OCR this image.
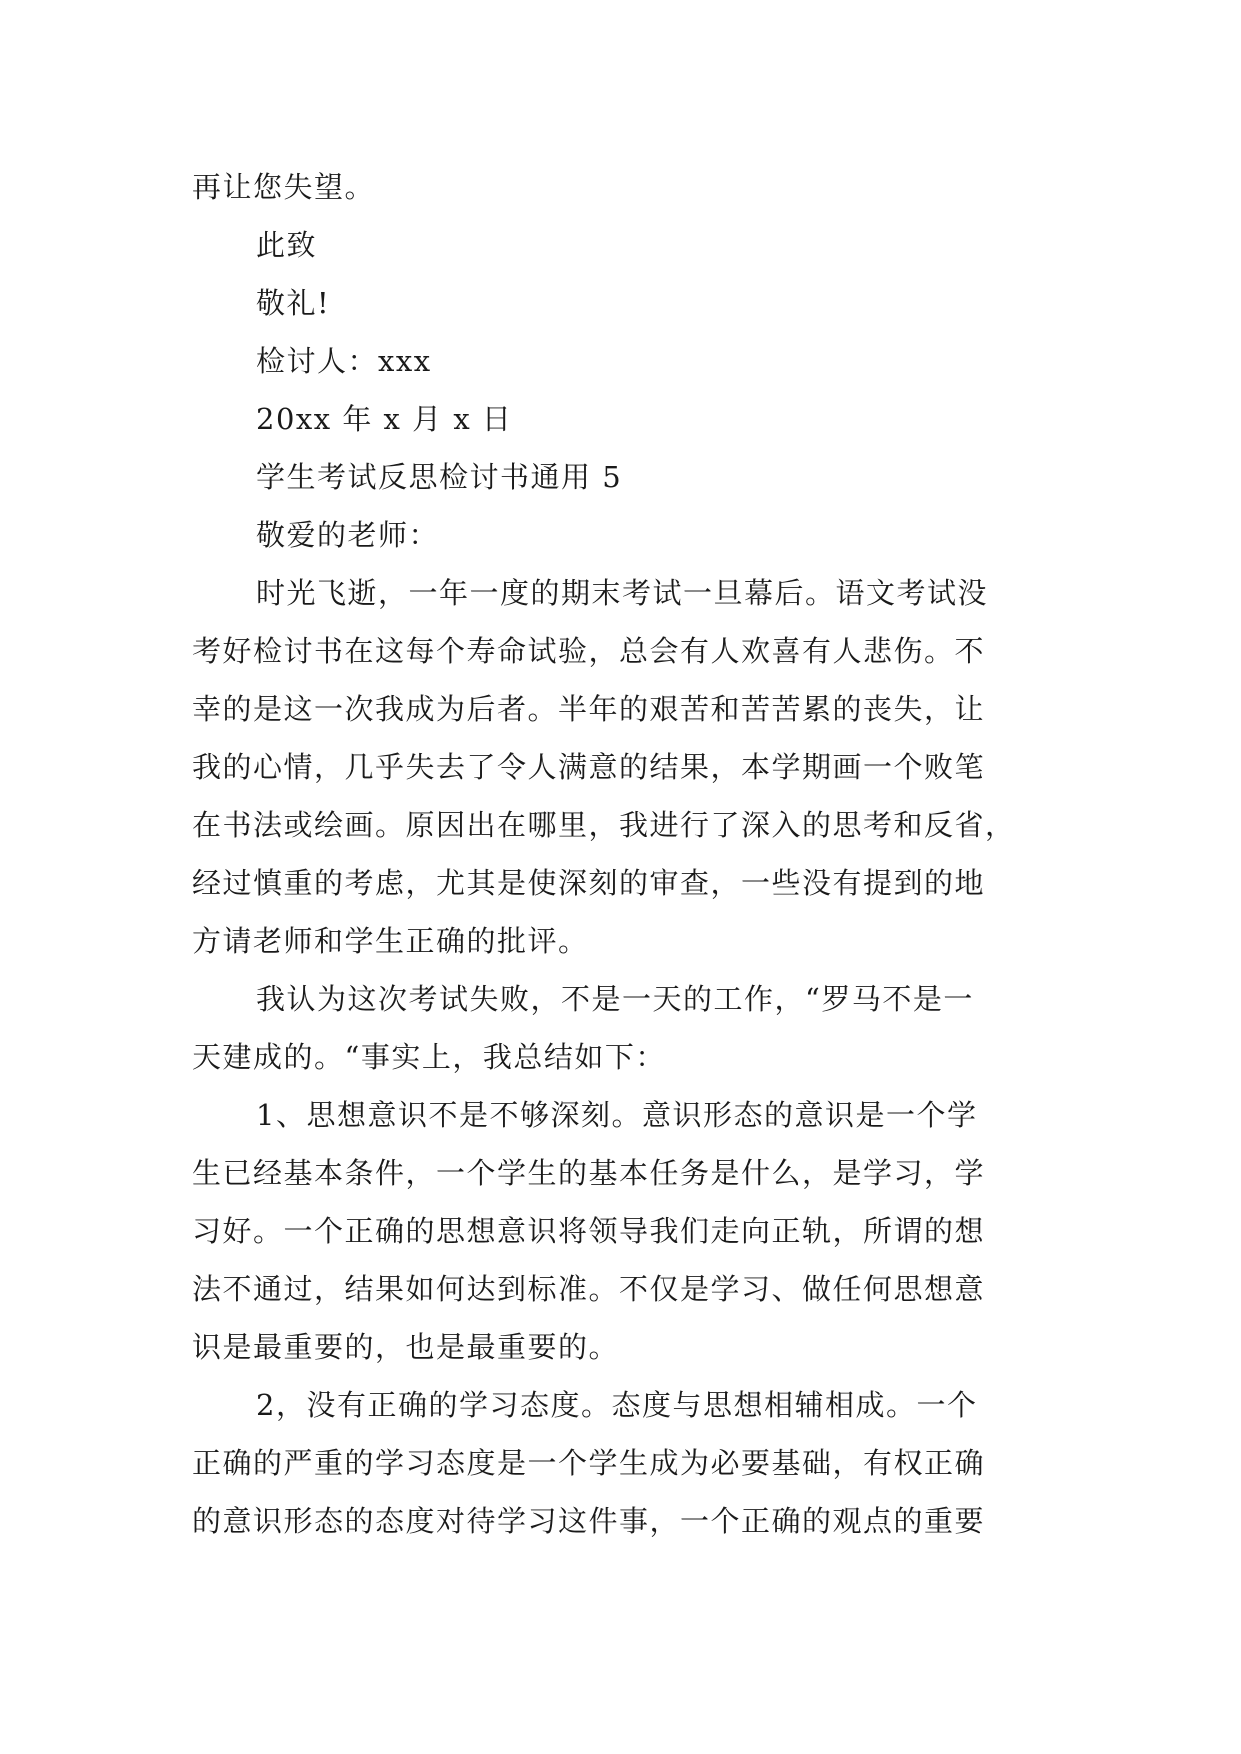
再让您失望。
此致
敬礼!
检讨人：xxx
20xx 年 x 月 x 日
学生考试反思检讨书通用 5
敬爱的老师：
时光飞逝，一年一度的期末考试一旦幕后。语文考试没
考好检讨书在这每个寿命试验，总会有人欢喜有人悲伤。不
幸的是这一次我成为后者。半年的艰苦和苦苦累的丧失，让
我的心情，几乎失去了令人满意的结果，本学期画一个败笔
在书法或绘画。原因出在哪里，我进行了深入的思考和反省，
经过慎重的考虑，尤其是使深刻的审查，一些没有提到的地
方请老师和学生正确的批评。
我认为这次考试失败，不是一天的工作，“罗马不是一
天建成的。“事实上，我总结如下：
1、思想意识不是不够深刻。意识形态的意识是一个学
生已经基本条件，一个学生的基本任务是什么，是学习，学
习好。一个正确的思想意识将领导我们走向正轨，所谓的想
法不通过，结果如何达到标准。不仅是学习、做任何思想意
识是最重要的，也是最重要的。
2，没有正确的学习态度。态度与思想相辅相成。一个
正确的严重的学习态度是一个学生成为必要基础，有权正确
的意识形态的态度对待学习这件事，一个正确的观点的重要
